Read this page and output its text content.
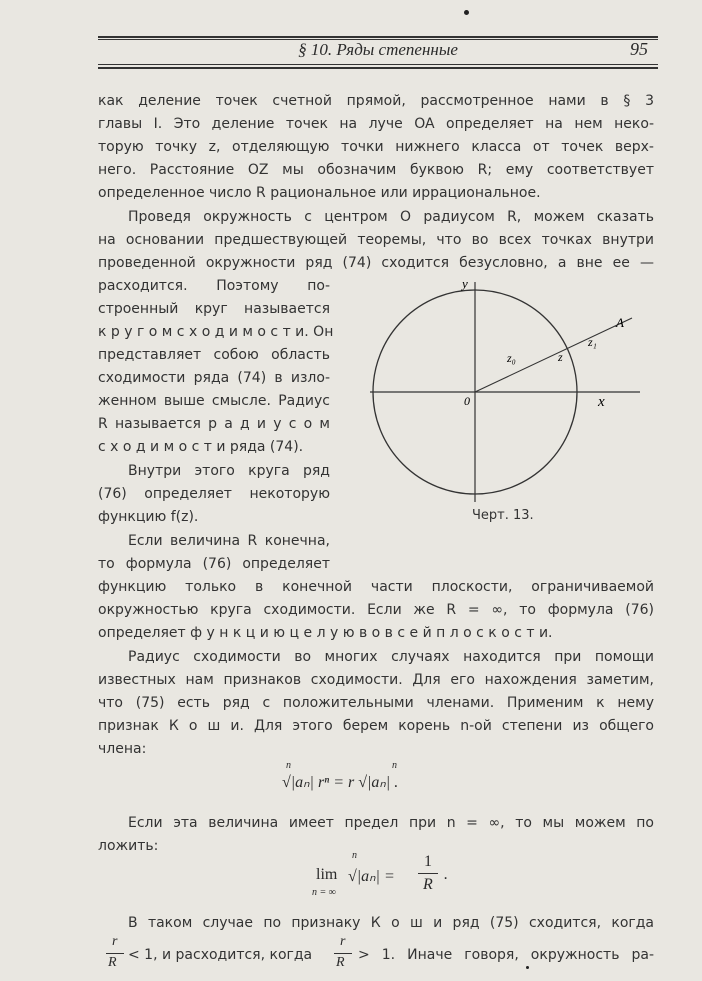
§ 10. Ряды степенные	95
как деление точек счетной прямой, рассмотренное нами в § 3
главы I. Это деление точек на луче OA определяет на нем неко-
торую точку z, отделяющую точки нижнего класса от точек верх-
него. Расстояние OZ мы обозначим буквою R; ему соответствует
определенное число R рациональное или иррациональное.
Проведя окружность с центром O радиусом R, можем сказать
на основании предшествующей теоремы, что во всех точках внутри
проведенной окружности ряд (74) сходится безусловно, а вне ее —
расходится. Поэтому по-
строенный круг называется
к р у г о м с х о д и м о с т и. Он
представляет собою область
сходимости ряда (74) в изло-
женном выше смысле. Радиус
R называется р а д и у с о м
с х о д и м о с т и ряда (74).
Внутри этого круга ряд
(76) определяет некоторую
функцию f(z).
Если величина R конечна,
то формула (76) определяет
функцию только в конечной части плоскости, ограничиваемой
окружностью круга сходимости. Если же R = ∞, то формула (76)
определяет ф у н к ц и ю ц е л у ю в о в с е й п л о с к о с т и.
Радиус сходимости во многих случаях находится при помощи
известных нам признаков сходимости. Для его нахождения заметим,
что (75) есть ряд с положительными членами. Применим к нему
признак К о ш и. Для этого берем корень n-ой степени из общего
члена:
n	n
√|aₙ| rⁿ = r √|aₙ| .
Если эта величина имеет предел при n = ∞, то мы можем по
ложить:
n
lim
n = ∞
√|aₙ| =
1
R
.
В таком случае по признаку К о ш и ряд (75) сходится, когда
r
R < 1, и расходится, когда
r
R > 1. Иначе говоря, окружность ра-
y
x
0
A
z₀	z
z₁
Черт. 13.
